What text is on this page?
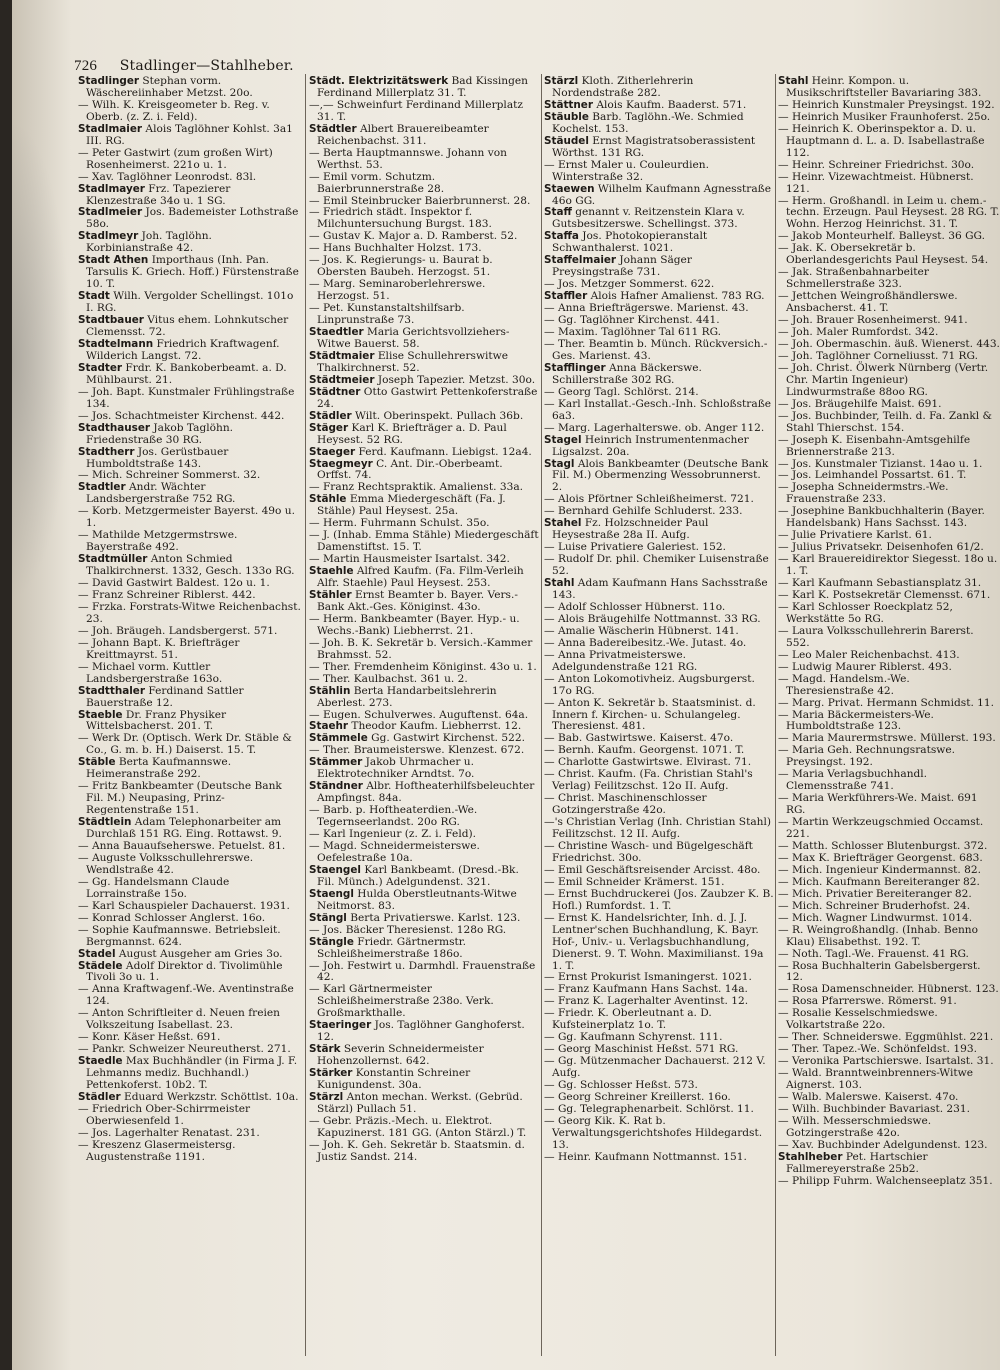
726 Stadlinger—Stahlheber.

Stadlinger Stephan vorm. Wäschereiinhaber Metzst. 20o.

— Wilh. K. Kreisgeometer b. Reg. v. Oberb. (z. Z. i. Feld).

Stadlmaier Alois Taglöhner Kohlst. 3a1 III. RG.

— Peter Gastwirt (zum großen Wirt) Rosenheimerst. 221o u. 1.

— Xav. Taglöhner Leonrodst. 83l.

Stadlmayer Frz. Tapezierer Klenzestraße 34o u. 1 SG.

Stadlmeier Jos. Bademeister Lothstraße 58o.

Stadlmeyr Joh. Taglöhn. Korbinianstraße 42.

Stadt Athen Importhaus (Inh. Pan. Tarsulis K. Griech. Hoff.) Fürstenstraße 10. T.

Stadt Wilh. Vergolder Schellingst. 101o I. RG.

Stadtbauer Vitus ehem. Lohnkutscher Clemensst. 72.

Stadtelmann Friedrich Kraftwagenf. Wilderich Langst. 72.

Stadter Frdr. K. Bankoberbeamt. a. D. Mühlbaurst. 21.

— Joh. Bapt. Kunstmaler Frühlingstraße 134.

— Jos. Schachtmeister Kirchenst. 442.

Stadthauser Jakob Taglöhn. Friedenstraße 30 RG.

Stadtherr Jos. Gerüstbauer Humboldtstraße 143.

— Mich. Schreiner Sommerst. 32.

Stadtler Andr. Wächter Landsbergerstraße 752 RG.

— Korb. Metzgermeister Bayerst. 49o u. 1.

— Mathilde Metzgermstrswe. Bayerstraße 492.

Stadtmüller Anton Schmied Thalkirchnerst. 1332, Gesch. 133o RG.

— David Gastwirt Baldest. 12o u. 1.

— Franz Schreiner Riblerst. 442.

— Frzka. Forstrats-Witwe Reichenbachst. 23.

— Joh. Bräugeh. Landsbergerst. 571.

— Johann Bapt. K. Briefträger Kreittmayrst. 51.

— Michael vorm. Kuttler Landsbergerstraße 163o.

Stadtthaler Ferdinand Sattler Bauerstraße 12.

Staeble Dr. Franz Physiker Wittelsbacherst. 201. T.

— Werk Dr. (Optisch. Werk Dr. Stäble & Co., G. m. b. H.) Daiserst. 15. T.

Stäble Berta Kaufmannswe. Heimeranstraße 292.

— Fritz Bankbeamter (Deutsche Bank Fil. M.) Neupasing, Prinz-Regentenstraße 151.

Städtlein Adam Telephonarbeiter am Durchlaß 151 RG. Eing. Rottawst. 9.

— Anna Bauaufseherswe. Petuelst. 81.

— Auguste Volksschullehrerswe. Wendlstraße 42.

— Gg. Handelsmann Claude Lorrainstraße 15o.

— Karl Schauspieler Dachauerst. 1931.

— Konrad Schlosser Anglerst. 16o.

— Sophie Kaufmannswe. Betriebsleit. Bergmannst. 624.

Stadel August Ausgeher am Gries 3o.

Städele Adolf Direktor d. Tivolimühle Tivoli 3o u. 1.

— Anna Kraftwagenf.-We. Aventinstraße 124.

— Anton Schriftleiter d. Neuen freien Volkszeitung Isabellast. 23.

— Konr. Käser Heßst. 691.

— Pankr. Schweizer Neureutherst. 271.

Staedle Max Buchhändler (in Firma J. F. Lehmanns mediz. Buchhandl.) Pettenkoferst. 10b2. T.

Städler Eduard Werkzstr. Schöttlst. 10a.

— Friedrich Ober-Schirrmeister Oberwiesenfeld 1.

— Jos. Lagerhalter Renatast. 231.

— Kreszenz Glasermeistersg. Augustenstraße 1191.

Städt. Elektrizitätswerk Bad Kissingen Ferdinand Millerplatz 31. T.

—,— Schweinfurt Ferdinand Millerplatz 31. T.

Städtler Albert Brauereibeamter Reichenbachst. 311.

— Berta Hauptmannswe. Johann von Werthst. 53.

— Emil vorm. Schutzm. Baierbrunnerstraße 28.

— Emil Steinbrucker Baierbrunnerst. 28.

— Friedrich städt. Inspektor f. Milchuntersuchung Burgst. 183.

— Gustav K. Major a. D. Ramberst. 52.

— Hans Buchhalter Holzst. 173.

— Jos. K. Regierungs- u. Baurat b. Obersten Baubeh. Herzogst. 51.

— Marg. Seminaroberlehrerswe. Herzogst. 51.

— Pet. Kunstanstaltshilfsarb. Linprunstraße 73.

Staedtler Maria Gerichtsvollziehers-Witwe Bauerst. 58.

Städtmaier Elise Schullehrerswitwe Thalkirchnerst. 52.

Städtmeier Joseph Tapezier. Metzst. 30o.

Städtner Otto Gastwirt Pettenkoferstraße 24.

Städler Wilt. Oberinspekt. Pullach 36b.

Stäger Karl K. Briefträger a. D. Paul Heysest. 52 RG.

Staeger Ferd. Kaufmann. Liebigst. 12a4.

Staegmeyr C. Ant. Dir.-Oberbeamt. Orffst. 74.

— Franz Rechtspraktik. Amalienst. 33a.

Stähle Emma Miedergeschäft (Fa. J. Stähle) Paul Heysest. 25a.

— Herm. Fuhrmann Schulst. 35o.

— J. (Inhab. Emma Stähle) Miedergeschäft Damenstiftst. 15. T.

— Martin Hausmeister Isartalst. 342.

Staehle Alfred Kaufm. (Fa. Film-Verleih Alfr. Staehle) Paul Heysest. 253.

Stähler Ernst Beamter b. Bayer. Vers.-Bank Akt.-Ges. Königinst. 43o.

— Herm. Bankbeamter (Bayer. Hyp.- u. Wechs.-Bank) Liebherrst. 21.

— Joh. B. K. Sekretär b. Versich.-Kammer Brahmsst. 52.

— Ther. Fremdenheim Königinst. 43o u. 1.

— Ther. Kaulbachst. 361 u. 2.

Stählin Berta Handarbeitslehrerin Aberlest. 273.

— Eugen. Schulverwes. Auguftenst. 64a.

Staehr Theodor Kaufm. Liebherrst. 12.

Stämmele Gg. Gastwirt Kirchenst. 522.

— Ther. Braumeisterswe. Klenzest. 672.

Stämmer Jakob Uhrmacher u. Elektrotechniker Arndtst. 7o.

Ständner Albr. Hoftheaterhilfsbeleuchter Ampfingst. 84a.

— Barb. p. Hoftheaterdien.-We. Tegernseerlandst. 20o RG.

— Karl Ingenieur (z. Z. i. Feld).

— Magd. Schneidermeisterswe. Oefelestraße 10a.

Staengel Karl Bankbeamt. (Dresd.-Bk. Fil. Münch.) Adelgundenst. 321.

Staengl Hulda Oberstleutnants-Witwe Neitmorst. 83.

Stängl Berta Privatierswe. Karlst. 123.

— Jos. Bäcker Theresienst. 128o RG.

Stängle Friedr. Gärtnermstr. Schleißheimerstraße 186o.

— Joh. Festwirt u. Darmhdl. Frauenstraße 42.

— Karl Gärtnermeister Schleißheimerstraße 238o. Verk. Großmarkthalle.

Staeringer Jos. Taglöhner Ganghoferst. 12.

Stärk Severin Schneidermeister Hohenzollernst. 642.

Stärker Konstantin Schreiner Kunigundenst. 30a.

Stärzl Anton mechan. Werkst. (Gebrüd. Stärzl) Pullach 51.

— Gebr. Präzis.-Mech. u. Elektrot. Kapuzinerst. 181 GG. (Anton Stärzl.) T.

— Joh. K. Geh. Sekretär b. Staatsmin. d. Justiz Sandst. 214.

Stärzl Kloth. Zitherlehrerin Nordendstraße 282.

Stättner Alois Kaufm. Baaderst. 571.

Stäuble Barb. Taglöhn.-We. Schmied Kochelst. 153.

Stäudel Ernst Magistratsoberassistent Wörthst. 131 RG.

— Ernst Maler u. Couleurdien. Winterstraße 32.

Staewen Wilhelm Kaufmann Agnesstraße 46o GG.

Staff genannt v. Reitzenstein Klara v. Gutsbesitzerswe. Schellingst. 373.

Staffa Jos. Photokopieranstalt Schwanthalerst. 1021.

Staffelmaier Johann Säger Preysingstraße 731.

— Jos. Metzger Sommerst. 622.

Staffler Alois Hafner Amalienst. 783 RG.

— Anna Briefträgerswe. Marienst. 43.

— Gg. Taglöhner Kirchenst. 441.

— Maxim. Taglöhner Tal 611 RG.

— Ther. Beamtin b. Münch. Rückversich.-Ges. Marienst. 43.

Stafflinger Anna Bäckerswe. Schillerstraße 302 RG.

— Georg Tagl. Schlörst. 214.

— Karl Installat.-Gesch.-Inh. Schloßstraße 6a3.

— Marg. Lagerhalterswe. ob. Anger 112.

Stagel Heinrich Instrumentenmacher Ligsalzst. 20a.

Stagl Alois Bankbeamter (Deutsche Bank Fil. M.) Obermenzing Wessobrunnerst. 2.

— Alois Pförtner Schleißheimerst. 721.

— Bernhard Gehilfe Schluderst. 233.

Stahel Fz. Holzschneider Paul Heysestraße 28a II. Aufg.

— Luise Privatiere Galeriest. 152.

— Rudolf Dr. phil. Chemiker Luisenstraße 52.

Stahl Adam Kaufmann Hans Sachsstraße 143.

— Adolf Schlosser Hübnerst. 11o.

— Alois Bräugehilfe Nottmannst. 33 RG.

— Amalie Wäscherin Hübnerst. 141.

— Anna Badereibesitz.-We. Jutast. 4o.

— Anna Privatmeisterswe. Adelgundenstraße 121 RG.

— Anton Lokomotivheiz. Augsburgerst. 17o RG.

— Anton K. Sekretär b. Staatsminist. d. Innern f. Kirchen- u. Schulangeleg. Theresienst. 481.

— Bab. Gastwirtswe. Kaiserst. 47o.

— Bernh. Kaufm. Georgenst. 1071. T.

— Charlotte Gastwirtswe. Elvirast. 71.

— Christ. Kaufm. (Fa. Christian Stahl's Verlag) Feilitzschst. 12o II. Aufg.

— Christ. Maschinenschlosser Gotzingerstraße 42o.

—'s Christian Verlag (Inh. Christian Stahl) Feilitzschst. 12 II. Aufg.

— Christine Wasch- und Bügelgeschäft Friedrichst. 30o.

— Emil Geschäftsreisender Arcisst. 48o.

— Emil Schneider Krämerst. 151.

— Ernst Buchdruckerei (Jos. Zaubzer K. B. Hofl.) Rumfordst. 1. T.

— Ernst K. Handelsrichter, Inh. d. J. J. Lentner'schen Buchhandlung, K. Bayr. Hof-, Univ.- u. Verlagsbuchhandlung, Dienerst. 9. T. Wohn. Maximilianst. 19a 1. T.

— Ernst Prokurist Ismaningerst. 1021.

— Franz Kaufmann Hans Sachst. 14a.

— Franz K. Lagerhalter Aventinst. 12.

— Friedr. K. Oberleutnant a. D. Kufsteinerplatz 1o. T.

— Gg. Kaufmann Schyrenst. 111.

— Georg Maschinist Heßst. 571 RG.

— Gg. Mützenmacher Dachauerst. 212 V. Aufg.

— Gg. Schlosser Heßst. 573.

— Georg Schreiner Kreillerst. 16o.

— Gg. Telegraphenarbeit. Schlörst. 11.

— Georg Kik. K. Rat b. Verwaltungsgerichtshofes Hildegardst. 13.

— Heinr. Kaufmann Nottmannst. 151.

Stahl Heinr. Kompon. u. Musikschriftsteller Bavariaring 383.

— Heinrich Kunstmaler Preysingst. 192.

— Heinrich Musiker Fraunhoferst. 25o.

— Heinrich K. Oberinspektor a. D. u. Hauptmann d. L. a. D. Isabellastraße 112.

— Heinr. Schreiner Friedrichst. 30o.

— Heinr. Vizewachtmeist. Hübnerst. 121.

— Herm. Großhandl. in Leim u. chem.-techn. Erzeugn. Paul Heysest. 28 RG. T. Wohn. Herzog Heinrichst. 31. T.

— Jakob Monteurhelf. Balleyst. 36 GG.

— Jak. K. Obersekretär b. Oberlandesgerichts Paul Heysest. 54.

— Jak. Straßenbahnarbeiter Schmellerstraße 323.

— Jettchen Weingroßhändlerswe. Ansbacherst. 41. T.

— Joh. Brauer Rosenheimerst. 941.

— Joh. Maler Rumfordst. 342.

— Joh. Obermaschin. äuß. Wienerst. 443.

— Joh. Taglöhner Corneliusst. 71 RG.

— Joh. Christ. Ölwerk Nürnberg (Vertr. Chr. Martin Ingenieur) Lindwurmstraße 88oo RG.

— Jos. Bräugehilfe Maist. 691.

— Jos. Buchbinder, Teilh. d. Fa. Zankl & Stahl Thierschst. 154.

— Joseph K. Eisenbahn-Amtsgehilfe Briennerstraße 213.

— Jos. Kunstmaler Tizianst. 14ao u. 1.

— Jos. Leimhandel Possartst. 61. T.

— Josepha Schneidermstrs.-We. Frauenstraße 233.

— Josephine Bankbuchhalterin (Bayer. Handelsbank) Hans Sachsst. 143.

— Julie Privatiere Karlst. 61.

— Julius Privatsekr. Deisenhofen 61/2.

— Karl Brauereidirektor Siegesst. 18o u. 1. T.

— Karl Kaufmann Sebastiansplatz 31.

— Karl K. Postsekretär Clemensst. 671.

— Karl Schlosser Roeckplatz 52, Werkstätte 5o RG.

— Laura Volksschullehrerin Barerst. 552.

— Leo Maler Reichenbachst. 413.

— Ludwig Maurer Riblerst. 493.

— Magd. Handelsm.-We. Theresienstraße 42.

— Marg. Privat. Hermann Schmidst. 11.

— Maria Bäckermeisters-We. Humboldtstraße 123.

— Maria Maurermstrswe. Müllerst. 193.

— Maria Geh. Rechnungsratswe. Preysingst. 192.

— Maria Verlagsbuchhandl. Clemensstraße 741.

— Maria Werkführers-We. Maist. 691 RG.

— Martin Werkzeugschmied Occamst. 221.

— Matth. Schlosser Blutenburgst. 372.

— Max K. Briefträger Georgenst. 683.

— Mich. Ingenieur Kindermannst. 82.

— Mich. Kaufmann Bereiteranger 82.

— Mich. Privatier Bereiteranger 82.

— Mich. Schreiner Bruderhofst. 24.

— Mich. Wagner Lindwurmst. 1014.

— R. Weingroßhandlg. (Inhab. Benno Klau) Elisabethst. 192. T.

— Noth. Tagl.-We. Frauenst. 41 RG.

— Rosa Buchhalterin Gabelsbergerst. 12.

— Rosa Damenschneider. Hübnerst. 123.

— Rosa Pfarrerswe. Römerst. 91.

— Rosalie Kesselschmiedswe. Volkartstraße 22o.

— Ther. Schneiderswe. Eggmühlst. 221.

— Ther. Tapez.-We. Schönfeldst. 193.

— Veronika Partschierswe. Isartalst. 31.

— Wald. Branntweinbrenners-Witwe Aignerst. 103.

— Walb. Malerswe. Kaiserst. 47o.

— Wilh. Buchbinder Bavariast. 231.

— Wilh. Messerschmiedswe. Gotzingerstraße 42o.

— Xav. Buchbinder Adelgundenst. 123.

Stahlheber Pet. Hartschier Fallmereyerstraße 25b2.

— Philipp Fuhrm. Walchenseeplatz 351.
